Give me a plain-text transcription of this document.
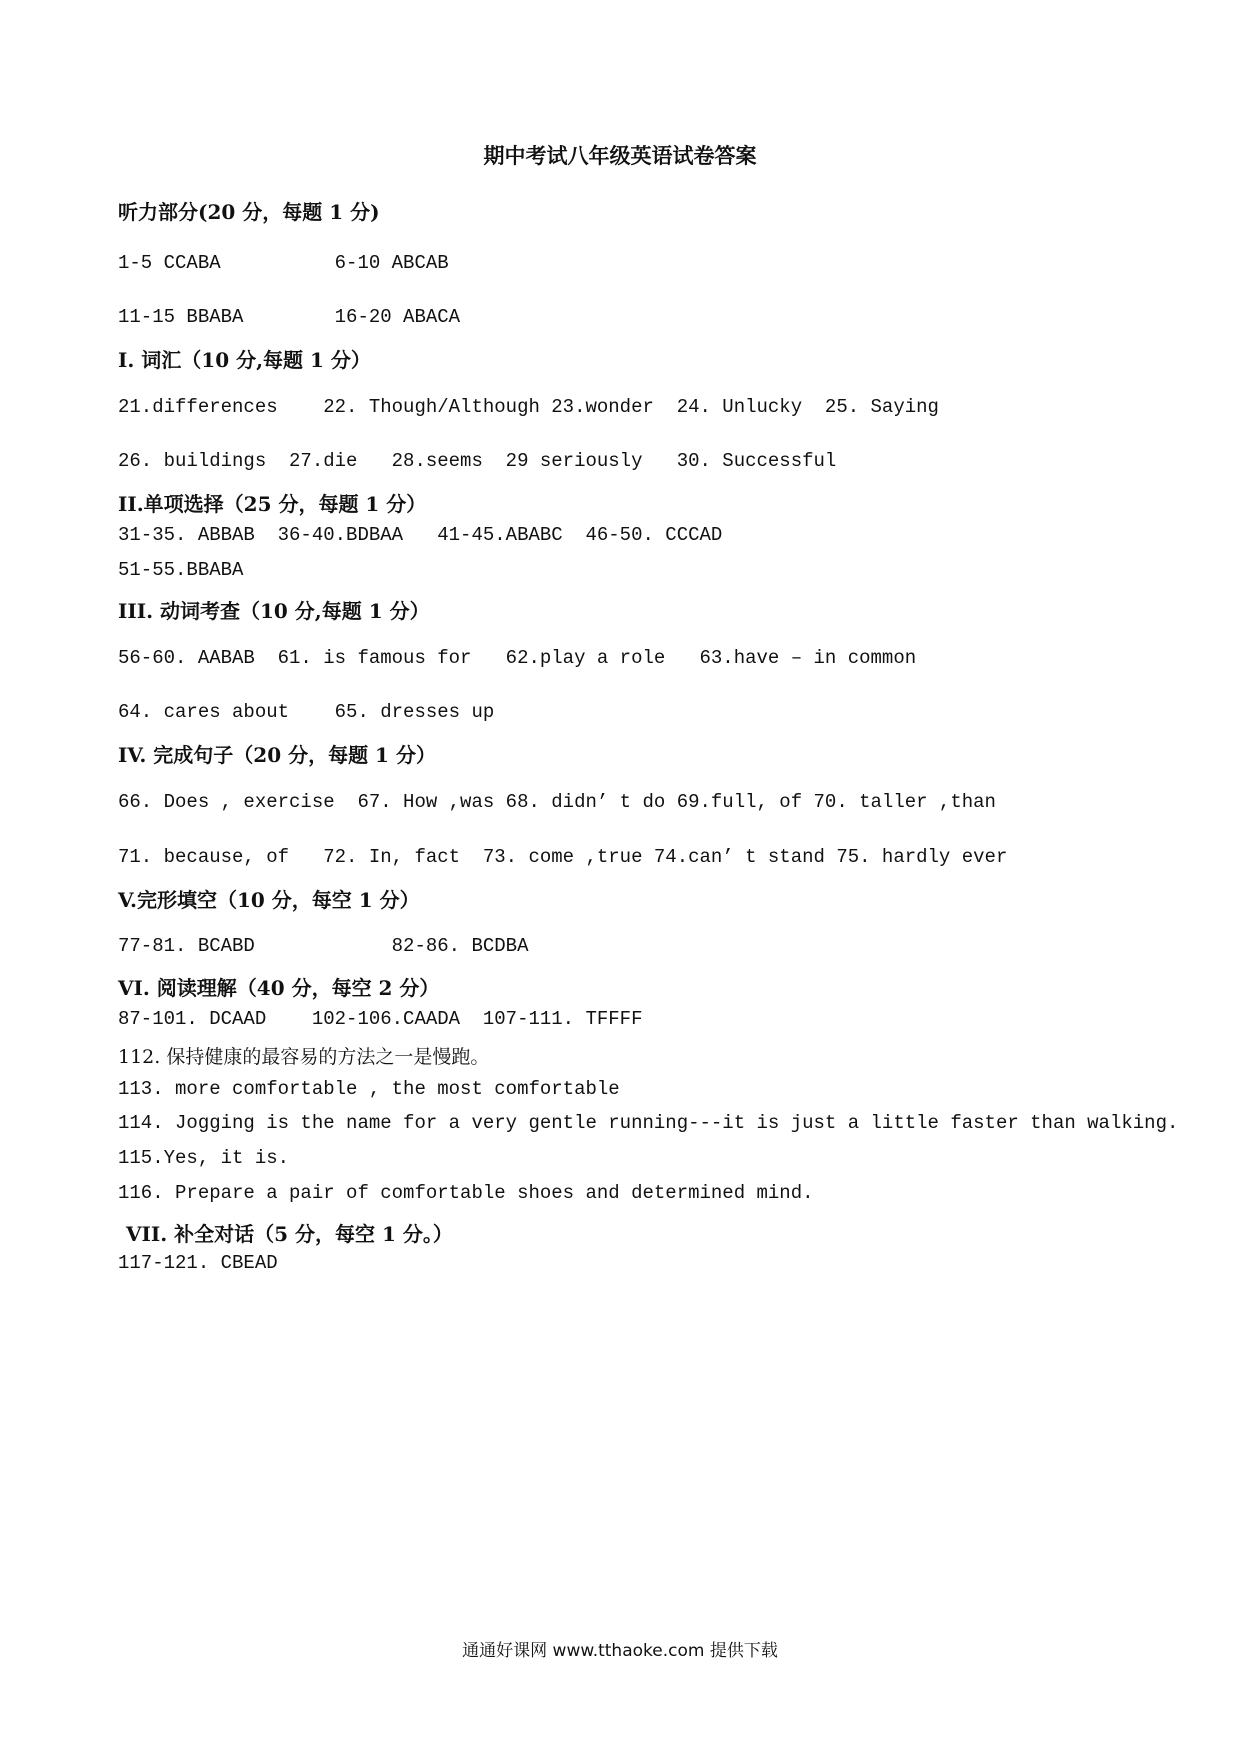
期中考试八年级英语试卷答案
听力部分(20 分，每题 1 分)
1-5 CCABA          6-10 ABCAB
11-15 BBABA        16-20 ABACA
I. 词汇（10 分,每题 1 分）
21.differences    22. Though/Although 23.wonder  24. Unlucky  25. Saying
26. buildings  27.die   28.seems  29 seriously   30. Successful
II.单项选择（25 分，每题 1 分）
31-35. ABBAB  36-40.BDBAA   41-45.ABABC  46-50. CCCAD
51-55.BBABA
III. 动词考查（10 分,每题 1 分）
56-60. AABAB  61. is famous for   62.play a role   63.have – in common
64. cares about    65. dresses up
IV. 完成句子（20 分，每题 1 分）
66. Does , exercise  67. How ,was 68. didn’ t do 69.full, of 70. taller ,than
71. because, of   72. In, fact  73. come ,true 74.can’ t stand 75. hardly ever
V.完形填空（10 分，每空 1 分）
77-81. BCABD            82-86. BCDBA
VI. 阅读理解（40 分，每空 2 分）
87-101. DCAAD    102-106.CAADA  107-111. TFFFF
112. 保持健康的最容易的方法之一是慢跑。
113. more comfortable , the most comfortable
114. Jogging is the name for a very gentle running---it is just a little faster than walking.
115.Yes, it is.
116. Prepare a pair of comfortable shoes and determined mind.
VII. 补全对话（5 分，每空 1 分。）
117-121. CBEAD
通通好课网 www.tthaoke.com 提供下载
